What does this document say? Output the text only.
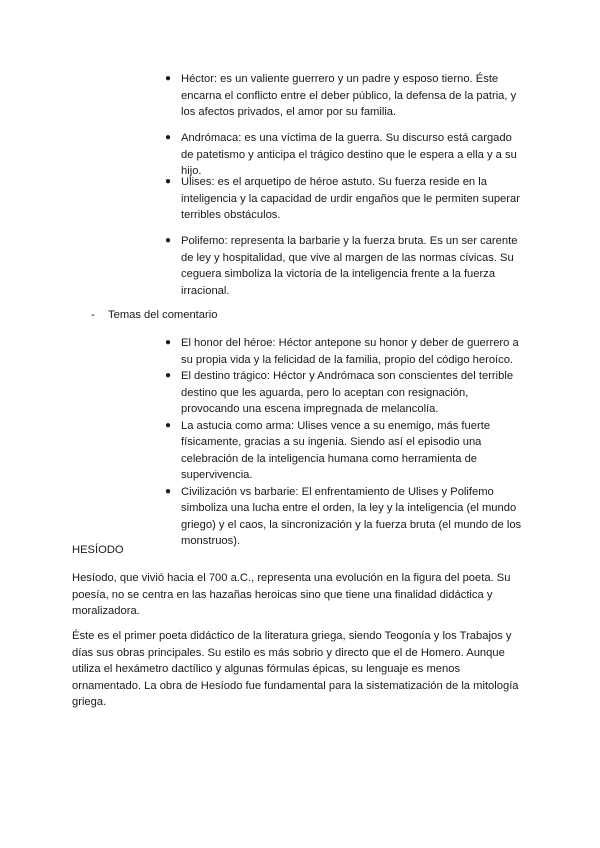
● Héctor: es un valiente guerrero y un padre y esposo tierno. Éste encarna el conflicto entre el deber público, la defensa de la patria, y los afectos privados, el amor por su familia.
● Andrómaca: es una víctima de la guerra. Su discurso está cargado de patetismo y anticipa el trágico destino que le espera a ella y a su hijo.
● Ulises: es el arquetipo de héroe astuto. Su fuerza reside en la inteligencia y la capacidad de urdir engaños que le permiten superar terribles obstáculos.
● Polifemo: representa la barbarie y la fuerza bruta. Es un ser carente de ley y hospitalidad, que vive al margen de las normas cívicas. Su ceguera simboliza la victoria de la inteligencia frente a la fuerza irracional.
- Temas del comentario
● El honor del héroe: Héctor antepone su honor y deber de guerrero a su propia vida y la felicidad de la familia, propio del código heroíco.
● El destino trágico: Héctor y Andrómaca son conscientes del terrible destino que les aguarda, pero lo aceptan con resignación, provocando una escena impregnada de melancolía.
● La astucia como arma: Ulises vence a su enemigo, más fuerte físicamente, gracias a su ingenia. Siendo así el episodio una celebración de la inteligencia humana como herramienta de supervivencia.
● Civilización vs barbarie: El enfrentamiento de Ulises y Polifemo simboliza una lucha entre el orden, la ley y la inteligencia (el mundo griego) y el caos, la sincronización y la fuerza bruta (el mundo de los monstruos).
HESÍODO

Hesíodo, que vivió hacia el 700 a.C., representa una evolución en la figura del poeta. Su poesía, no se centra en las hazañas heroicas sino que tiene una finalidad didáctica y moralizadora.

Éste es el primer poeta didáctico de la literatura griega, siendo Teogonía y los Trabajos y días sus obras principales. Su estilo es más sobrio y directo que el de Homero. Aunque utiliza el hexámetro dactílico y algunas fórmulas épicas, su lenguaje es menos ornamentado. La obra de Hesíodo fue fundamental para la sistematización de la mitología griega.
